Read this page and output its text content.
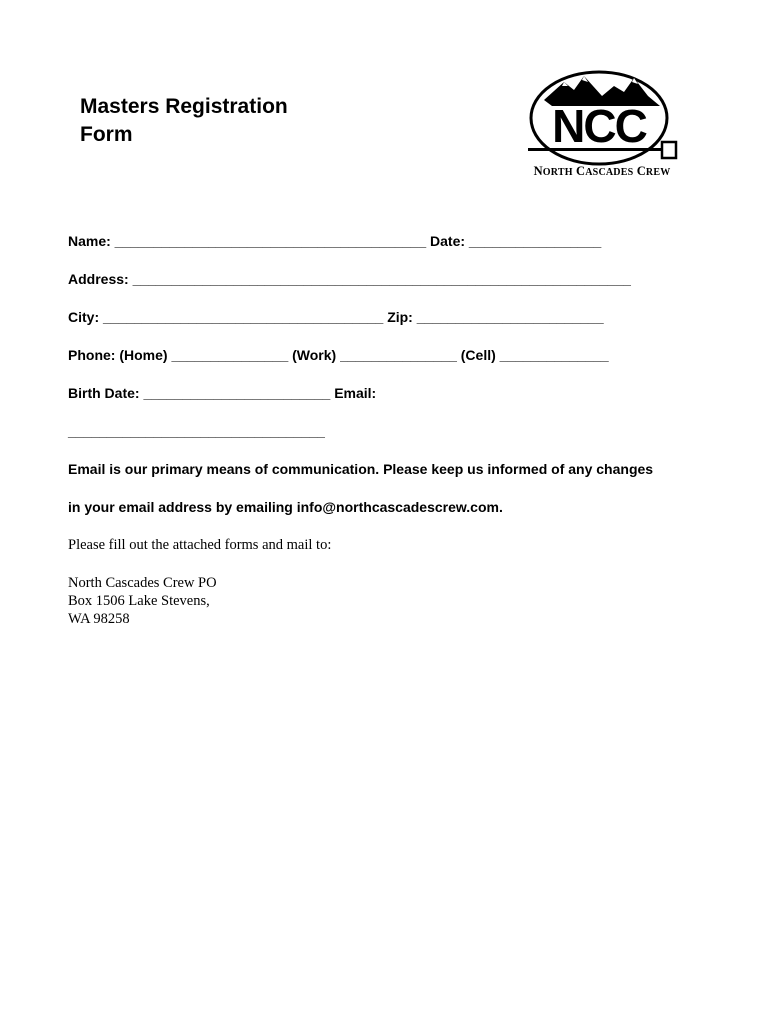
Masters Registration
Form	NCC
NORTH CASCADES CREW
Name: ________________________________________ Date: _________________
Address: ________________________________________________________________
City: ____________________________________ Zip: ________________________
Phone: (Home) _______________ (Work) _______________ (Cell) ______________
Birth Date: ________________________ Email:
_________________________________
Email is our primary means of communication. Please keep us informed of any changes
in your email address by emailing info@northcascadescrew.com.
Please fill out the attached forms and mail to:
North Cascades Crew PO
Box 1506 Lake Stevens,
WA 98258
